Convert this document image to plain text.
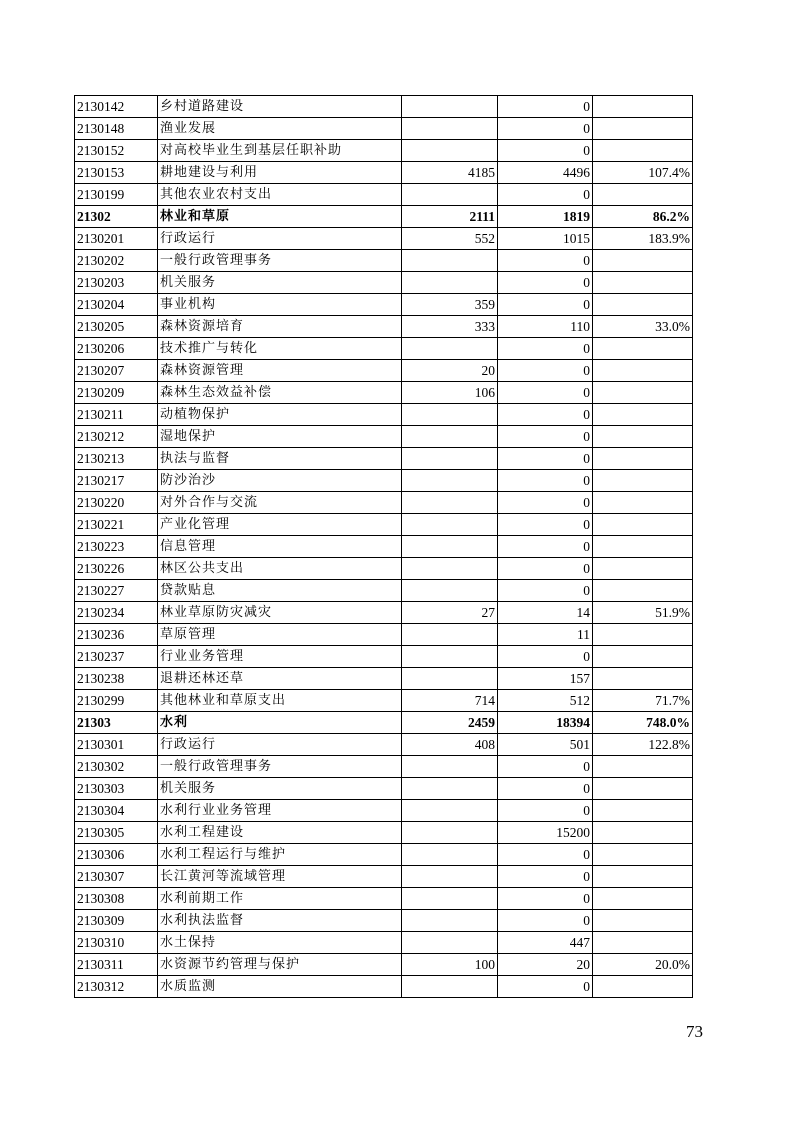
2130142	乡村道路建设		0	
2130148	渔业发展		0	
2130152	对高校毕业生到基层任职补助		0	
2130153	耕地建设与利用	4185	4496	107.4%
2130199	其他农业农村支出		0	
21302	林业和草原	2111	1819	86.2%
2130201	行政运行	552	1015	183.9%
2130202	一般行政管理事务		0	
2130203	机关服务		0	
2130204	事业机构	359	0	
2130205	森林资源培育	333	110	33.0%
2130206	技术推广与转化		0	
2130207	森林资源管理	20	0	
2130209	森林生态效益补偿	106	0	
2130211	动植物保护		0	
2130212	湿地保护		0	
2130213	执法与监督		0	
2130217	防沙治沙		0	
2130220	对外合作与交流		0	
2130221	产业化管理		0	
2130223	信息管理		0	
2130226	林区公共支出		0	
2130227	贷款贴息		0	
2130234	林业草原防灾减灾	27	14	51.9%
2130236	草原管理		11	
2130237	行业业务管理		0	
2130238	退耕还林还草		157	
2130299	其他林业和草原支出	714	512	71.7%
21303	水利	2459	18394	748.0%
2130301	行政运行	408	501	122.8%
2130302	一般行政管理事务		0	
2130303	机关服务		0	
2130304	水利行业业务管理		0	
2130305	水利工程建设		15200	
2130306	水利工程运行与维护		0	
2130307	长江黄河等流域管理		0	
2130308	水利前期工作		0	
2130309	水利执法监督		0	
2130310	水土保持		447	
2130311	水资源节约管理与保护	100	20	20.0%
2130312	水质监测		0	
73
